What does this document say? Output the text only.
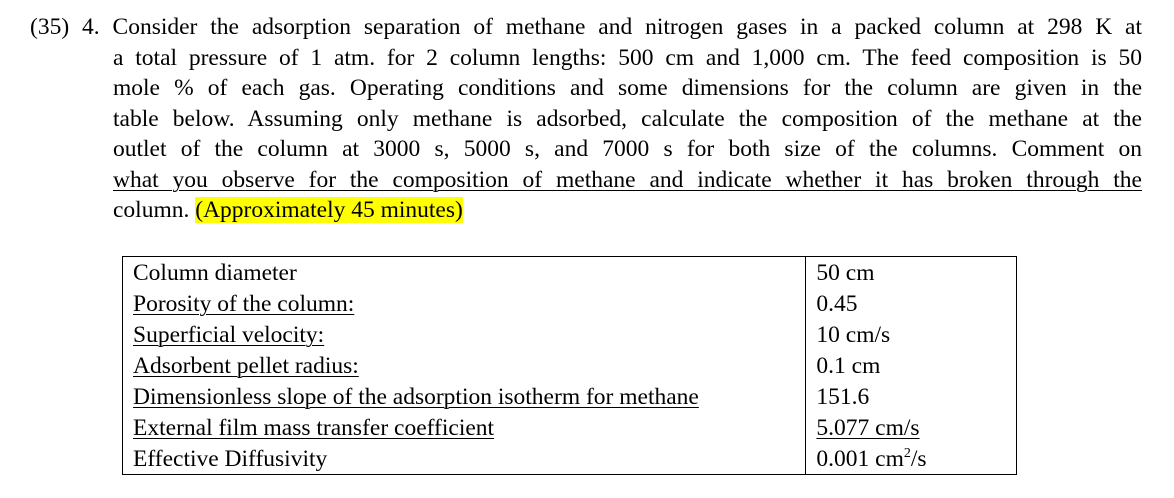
(35) 4. Consider the adsorption separation of methane and nitrogen gases in a packed column at 298 K at
a total pressure of 1 atm. for 2 column lengths: 500 cm and 1,000 cm. The feed composition is 50
mole % of each gas. Operating conditions and some dimensions for the column are given in the
table below. Assuming only methane is adsorbed, calculate the composition of the methane at the
outlet of the column at 3000 s, 5000 s, and 7000 s for both size of the columns. Comment on
what you observe for the composition of methane and indicate whether it has broken through the
column. (Approximately 45 minutes)
Column diameter	50 cm
Porosity of the column:	0.45
Superficial velocity:	10 cm/s
Adsorbent pellet radius:	0.1 cm
Dimensionless slope of the adsorption isotherm for methane	151.6
External film mass transfer coefficient	5.077 cm/s
Effective Diffusivity	0.001 $cm^2/s$
